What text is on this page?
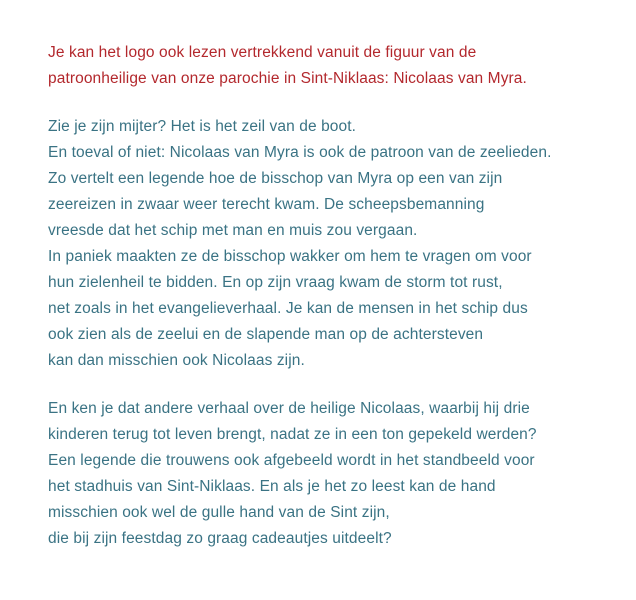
Je kan het logo ook lezen vertrekkend vanuit de figuur van de
patroonheilige van onze parochie in Sint-Niklaas: Nicolaas van Myra.
Zie je zijn mijter? Het is het zeil van de boot.
En toeval of niet: Nicolaas van Myra is ook de patroon van de zeelieden.
Zo vertelt een legende hoe de bisschop van Myra op een van zijn
zeereizen in zwaar weer terecht kwam. De scheepsbemanning
vreesde dat het schip met man en muis zou vergaan.
In paniek maakten ze de bisschop wakker om hem te vragen om voor
hun zielenheil te bidden. En op zijn vraag kwam de storm tot rust,
net zoals in het evangelieverhaal. Je kan de mensen in het schip dus
ook zien als de zeelui en de slapende man op de achtersteven
kan dan misschien ook Nicolaas zijn.
En ken je dat andere verhaal over de heilige Nicolaas, waarbij hij drie
kinderen terug tot leven brengt, nadat ze in een ton gepekeld werden?
Een legende die trouwens ook afgebeeld wordt in het standbeeld voor
het stadhuis van Sint-Niklaas. En als je het zo leest kan de hand
misschien ook wel de gulle hand van de Sint zijn,
die bij zijn feestdag zo graag cadeautjes uitdeelt?
